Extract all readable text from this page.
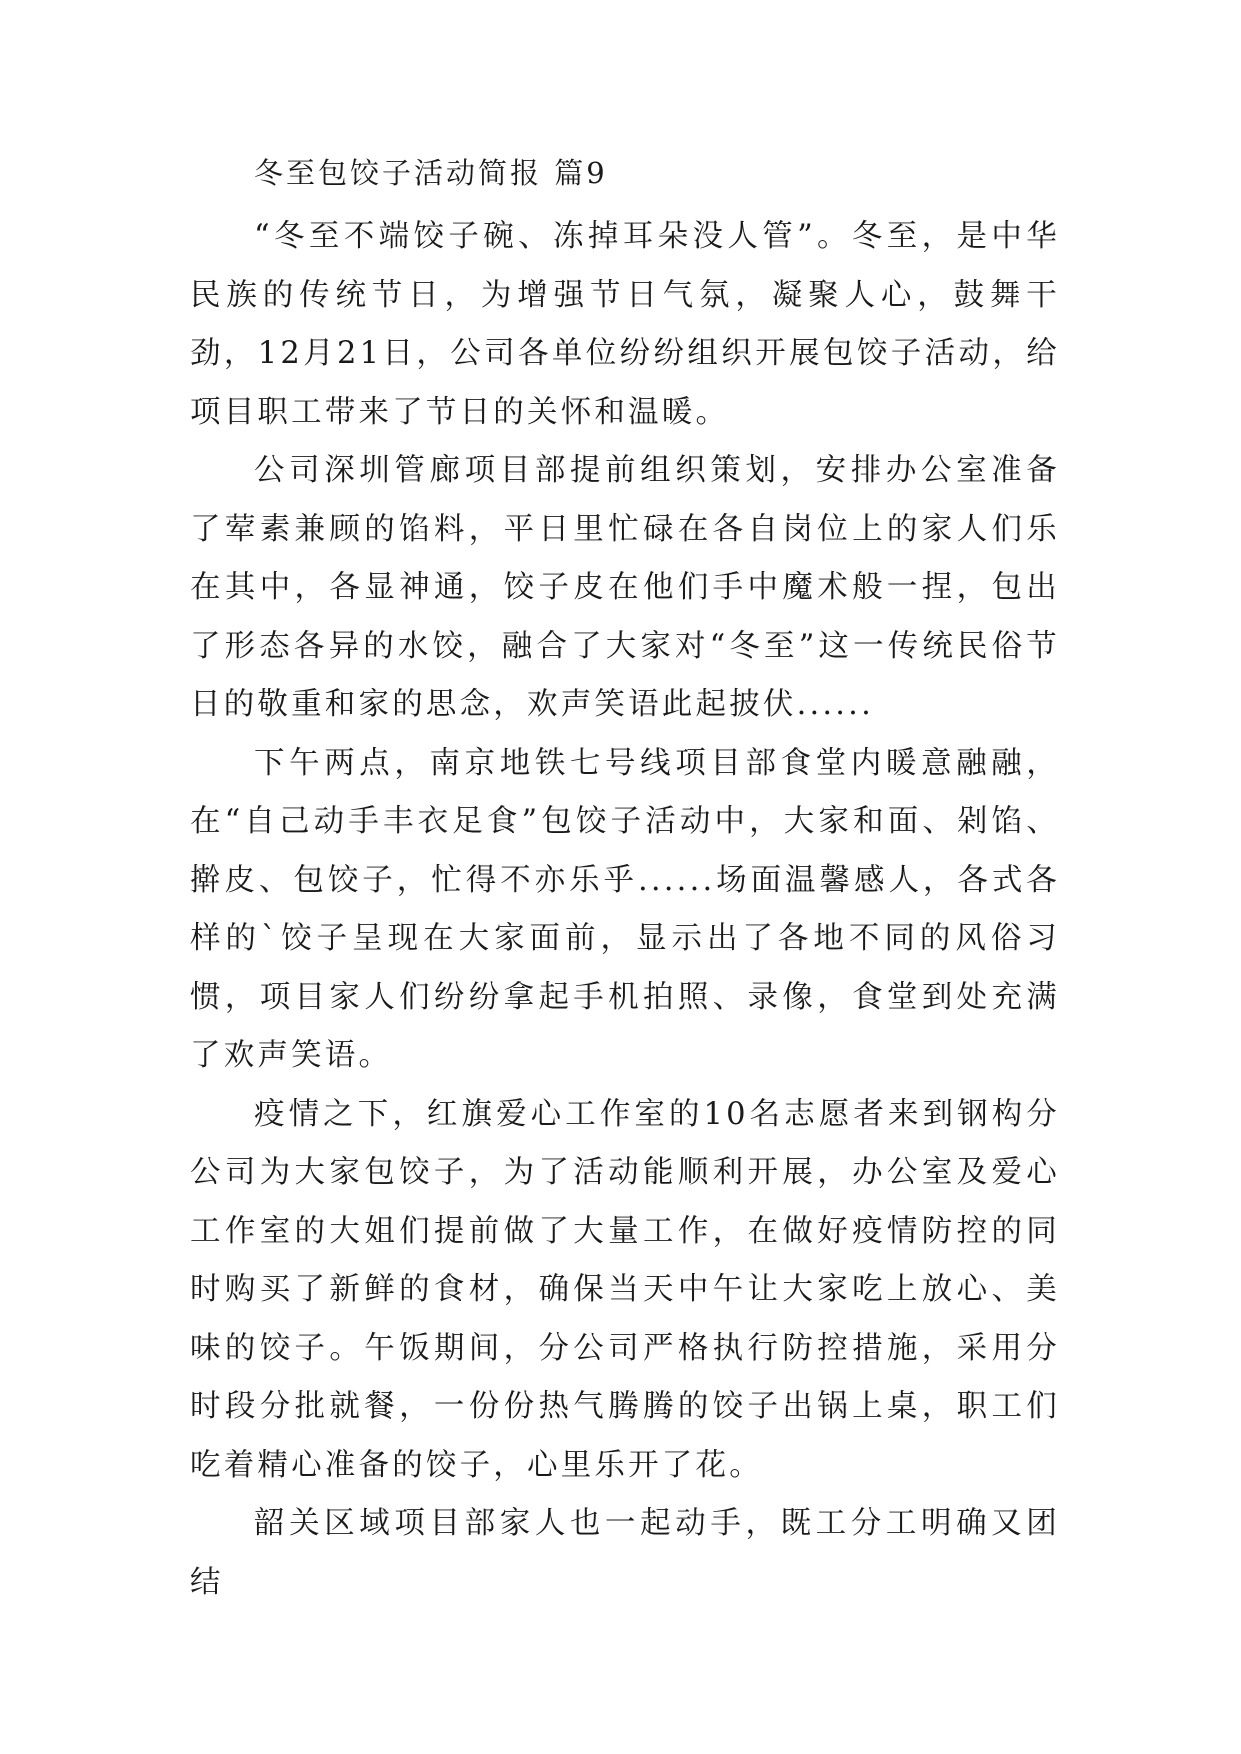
冬至包饺子活动简报 篇9

“冬至不端饺子碗、冻掉耳朵没人管”。冬至，是中华民族的传统节日，为增强节日气氛，凝聚人心，鼓舞干劲，12月21日，公司各单位纷纷组织开展包饺子活动，给项目职工带来了节日的关怀和温暖。

公司深圳管廊项目部提前组织策划，安排办公室准备了荤素兼顾的馅料，平日里忙碌在各自岗位上的家人们乐在其中，各显神通，饺子皮在他们手中魔术般一捏，包出了形态各异的水饺，融合了大家对“冬至”这一传统民俗节日的敬重和家的思念，欢声笑语此起披伏......

下午两点，南京地铁七号线项目部食堂内暖意融融，在“自己动手丰衣足食”包饺子活动中，大家和面、剁馅、擀皮、包饺子，忙得不亦乐乎......场面温馨感人，各式各样的`饺子呈现在大家面前，显示出了各地不同的风俗习惯，项目家人们纷纷拿起手机拍照、录像，食堂到处充满了欢声笑语。

疫情之下，红旗爱心工作室的10名志愿者来到钢构分公司为大家包饺子，为了活动能顺利开展，办公室及爱心工作室的大姐们提前做了大量工作，在做好疫情防控的同时购买了新鲜的食材，确保当天中午让大家吃上放心、美味的饺子。午饭期间，分公司严格执行防控措施，采用分时段分批就餐，一份份热气腾腾的饺子出锅上桌，职工们吃着精心准备的饺子，心里乐开了花。

韶关区域项目部家人也一起动手，既工分工明确又团结
